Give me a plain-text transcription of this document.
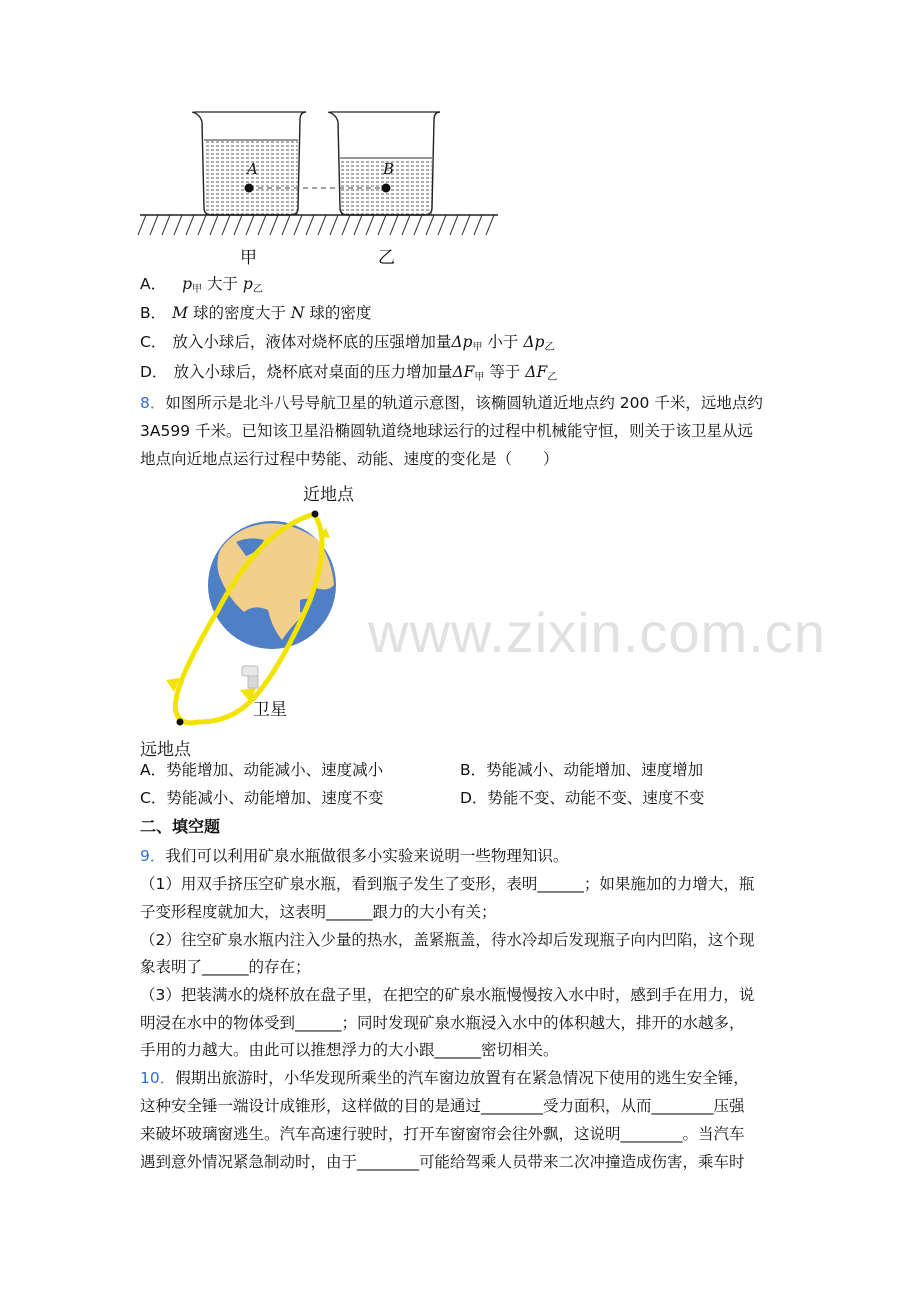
A	B
甲	乙
A． $p_甲$ 大于 $p_乙$
B． M 球的密度大于 N 球的密度
C． 放入小球后，液体对烧杯底的压强增加量$\Delta p_甲$ 小于 $\Delta p_乙$
D． 放入小球后，烧杯底对桌面的压力增加量$\Delta F_甲$ 等于 $\Delta F_乙$
8．如图所示是北斗八号导航卫星的轨道示意图，该椭圆轨道近地点约 200 千米，远地点约
3A599 千米。已知该卫星沿椭圆轨道绕地球运行的过程中机械能守恒，则关于该卫星从远
地点向近地点运行过程中势能、动能、速度的变化是（　　）
近地点
卫星
远地点
A．势能增加、动能减小、速度减小	B．势能减小、动能增加、速度增加
C．势能减小、动能增加、速度不变	D．势能不变、动能不变、速度不变
二、填空题
9．我们可以利用矿泉水瓶做很多小实验来说明一些物理知识。
（1）用双手挤压空矿泉水瓶，看到瓶子发生了变形，表明______；如果施加的力增大，瓶
子变形程度就加大，这表明______跟力的大小有关；
（2）往空矿泉水瓶内注入少量的热水，盖紧瓶盖，待水冷却后发现瓶子向内凹陷，这个现
象表明了______的存在；
（3）把装满水的烧杯放在盘子里，在把空的矿泉水瓶慢慢按入水中时，感到手在用力，说
明浸在水中的物体受到______；同时发现矿泉水瓶浸入水中的体积越大，排开的水越多，
手用的力越大。由此可以推想浮力的大小跟______密切相关。
10．假期出旅游时，小华发现所乘坐的汽车窗边放置有在紧急情况下使用的逃生安全锤，
这种安全锤一端设计成锥形，这样做的目的是通过________受力面积，从而________压强
来破坏玻璃窗逃生。汽车高速行驶时，打开车窗窗帘会往外飘，这说明________。当汽车
遇到意外情况紧急制动时，由于________可能给驾乘人员带来二次冲撞造成伤害，乘车时
www.zixin.com.cn
